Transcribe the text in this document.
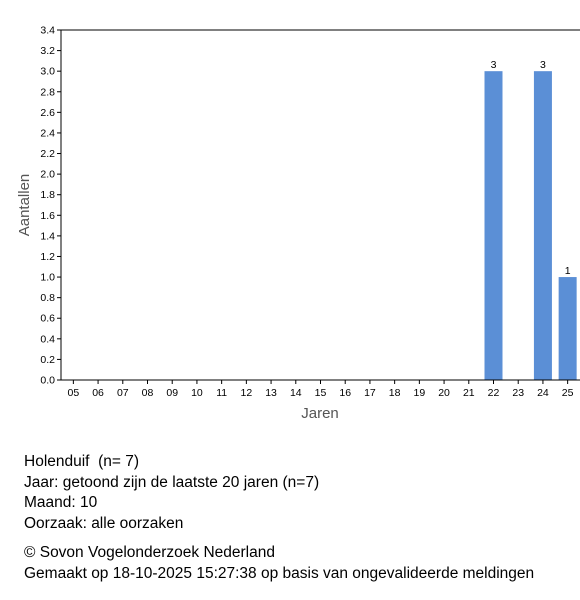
0.0
0.2
0.4
0.6
0.8
1.0
1.2
1.4
1.6
1.8
2.0
2.2
2.4
2.6
2.8
3.0
3.2
3.4
05 06 07 08 09 10 11 12 13 14 15 16 17 18 19 20 21 22 23 24 25
3	3
1
Jaren
Aantallen
Holenduif  (n= 7)
Jaar: getoond zijn de laatste 20 jaren (n=7)
Maand: 10
Oorzaak: alle oorzaken
© Sovon Vogelonderzoek Nederland
Gemaakt op 18-10-2025 15:27:38 op basis van ongevalideerde meldingen
